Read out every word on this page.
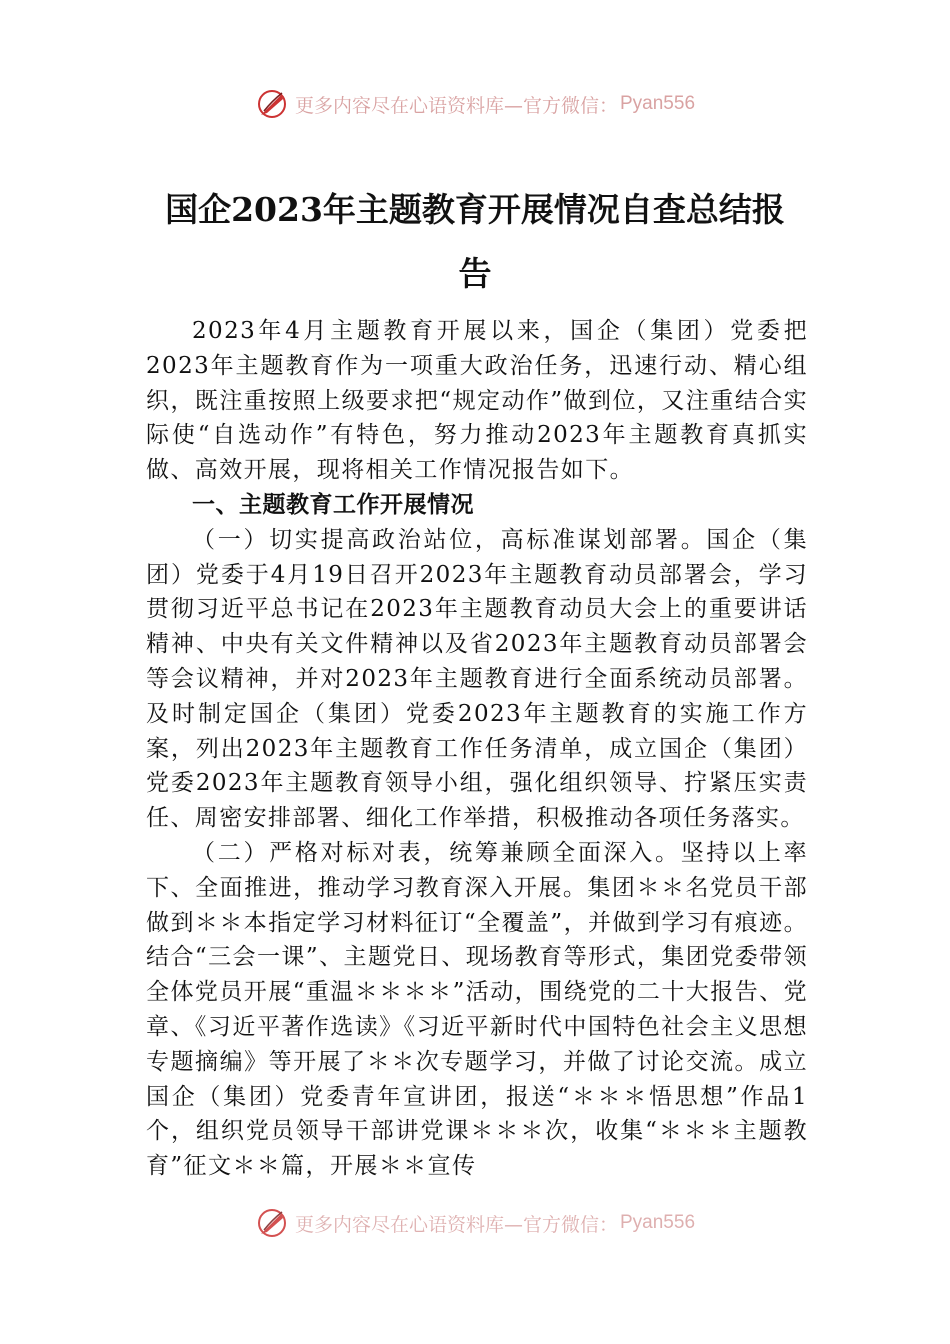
更多内容尽在心语资料库—官方微信： Pyan556
国企2023年主题教育开展情况自查总结报
告

2023年4月主题教育开展以来，国企（集团）党委把2023年主题教育作为一项重大政治任务，迅速行动、精心组织，既注重按照上级要求把“规定动作”做到位，又注重结合实际使“自选动作”有特色，努力推动2023年主题教育真抓实做、高效开展，现将相关工作情况报告如下。

一、主题教育工作开展情况

（一）切实提高政治站位，高标准谋划部署。国企（集团）党委于4月19日召开2023年主题教育动员部署会，学习贯彻习近平总书记在2023年主题教育动员大会上的重要讲话精神、中央有关文件精神以及省2023年主题教育动员部署会等会议精神，并对2023年主题教育进行全面系统动员部署。及时制定国企（集团）党委2023年主题教育的实施工作方案，列出2023年主题教育工作任务清单，成立国企（集团）党委2023年主题教育领导小组，强化组织领导、拧紧压实责任、周密安排部署、细化工作举措，积极推动各项任务落实。

（二）严格对标对表，统筹兼顾全面深入。坚持以上率下、全面推进，推动学习教育深入开展。集团＊＊名党员干部做到＊＊本指定学习材料征订“全覆盖”，并做到学习有痕迹。结合“三会一课”、主题党日、现场教育等形式，集团党委带领全体党员开展“重温＊＊＊＊”活动，围绕党的二十大报告、党章、《习近平著作选读》《习近平新时代中国特色社会主义思想专题摘编》等开展了＊＊次专题学习，并做了讨论交流。成立国企（集团）党委青年宣讲团，报送“＊＊＊悟思想”作品1个，组织党员领导干部讲党课＊＊＊次，收集“＊＊＊主题教育”征文＊＊篇，开展＊＊宣传

更多内容尽在心语资料库—官方微信： Pyan556
